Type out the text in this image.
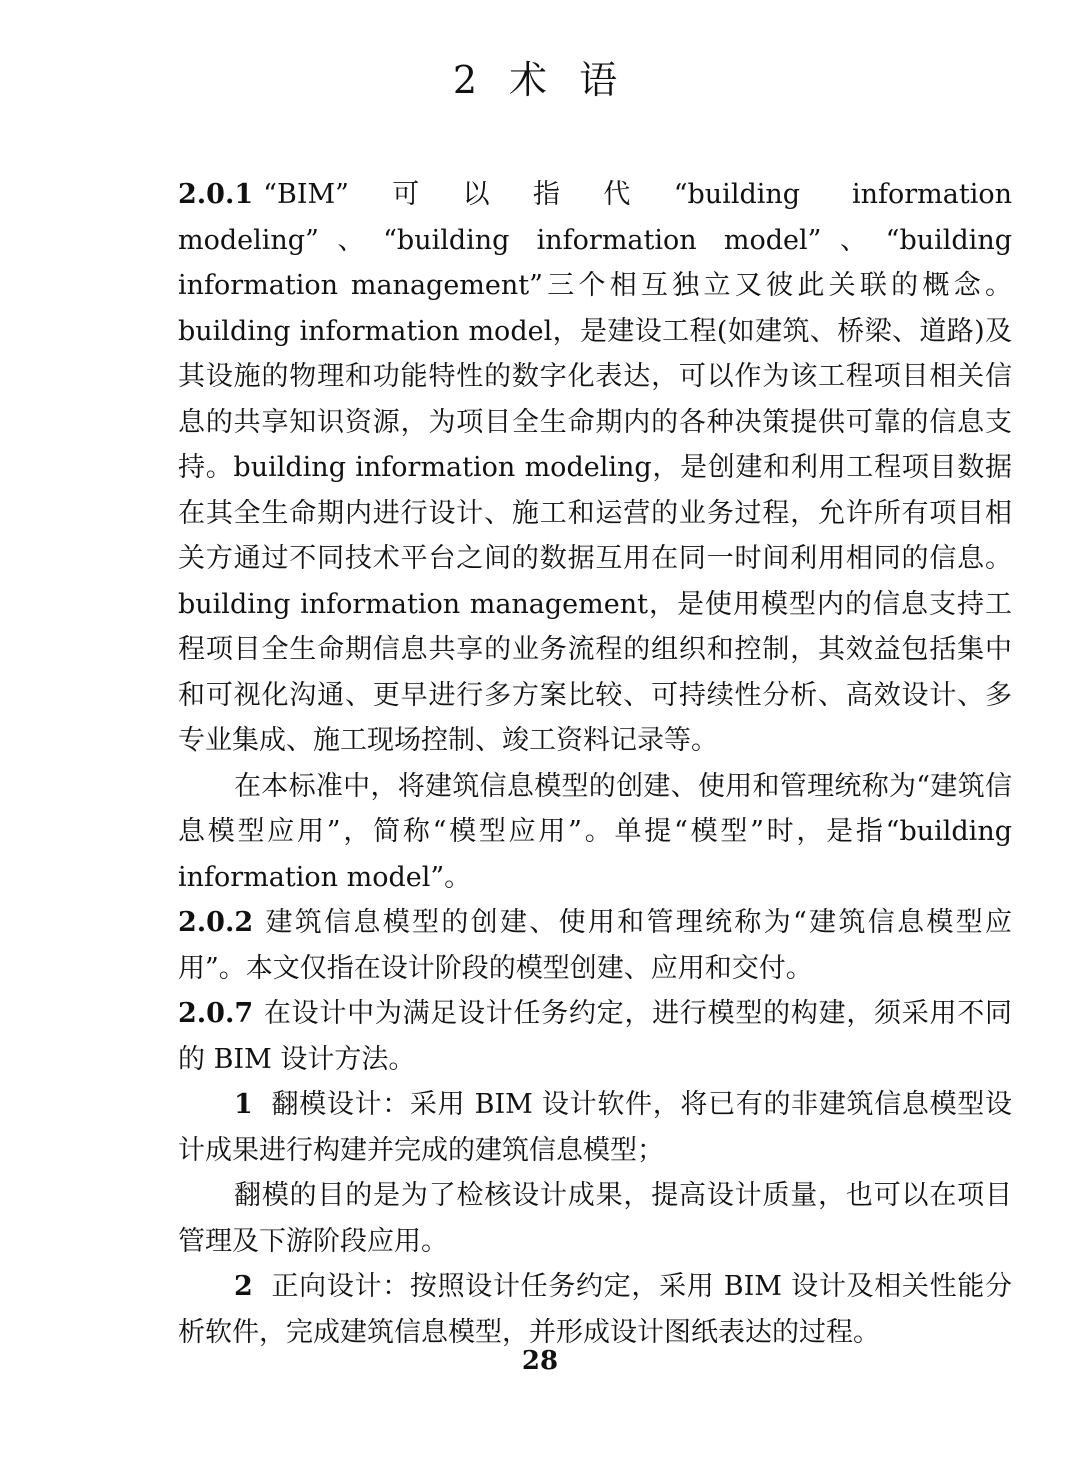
2 术 语

2.0.1 “BIM”可以指代“building information modeling”、“building information model”、“building information management”三个相互独立又彼此关联的概念。building information model，是建设工程(如建筑、桥梁、道路)及其设施的物理和功能特性的数字化表达，可以作为该工程项目相关信息的共享知识资源，为项目全生命期内的各种决策提供可靠的信息支持。building information modeling，是创建和利用工程项目数据在其全生命期内进行设计、施工和运营的业务过程，允许所有项目相关方通过不同技术平台之间的数据互用在同一时间利用相同的信息。building information management，是使用模型内的信息支持工程项目全生命期信息共享的业务流程的组织和控制，其效益包括集中和可视化沟通、更早进行多方案比较、可持续性分析、高效设计、多专业集成、施工现场控制、竣工资料记录等。

在本标准中，将建筑信息模型的创建、使用和管理统称为“建筑信息模型应用”，简称“模型应用”。单提“模型”时，是指“building information model”。

2.0.2 建筑信息模型的创建、使用和管理统称为“建筑信息模型应用”。本文仅指在设计阶段的模型创建、应用和交付。

2.0.7 在设计中为满足设计任务约定，进行模型的构建，须采用不同的 BIM 设计方法。

1 翻模设计：采用 BIM 设计软件，将已有的非建筑信息模型设计成果进行构建并完成的建筑信息模型；

翻模的目的是为了检核设计成果，提高设计质量，也可以在项目管理及下游阶段应用。

2 正向设计：按照设计任务约定，采用 BIM 设计及相关性能分析软件，完成建筑信息模型，并形成设计图纸表达的过程。

28
